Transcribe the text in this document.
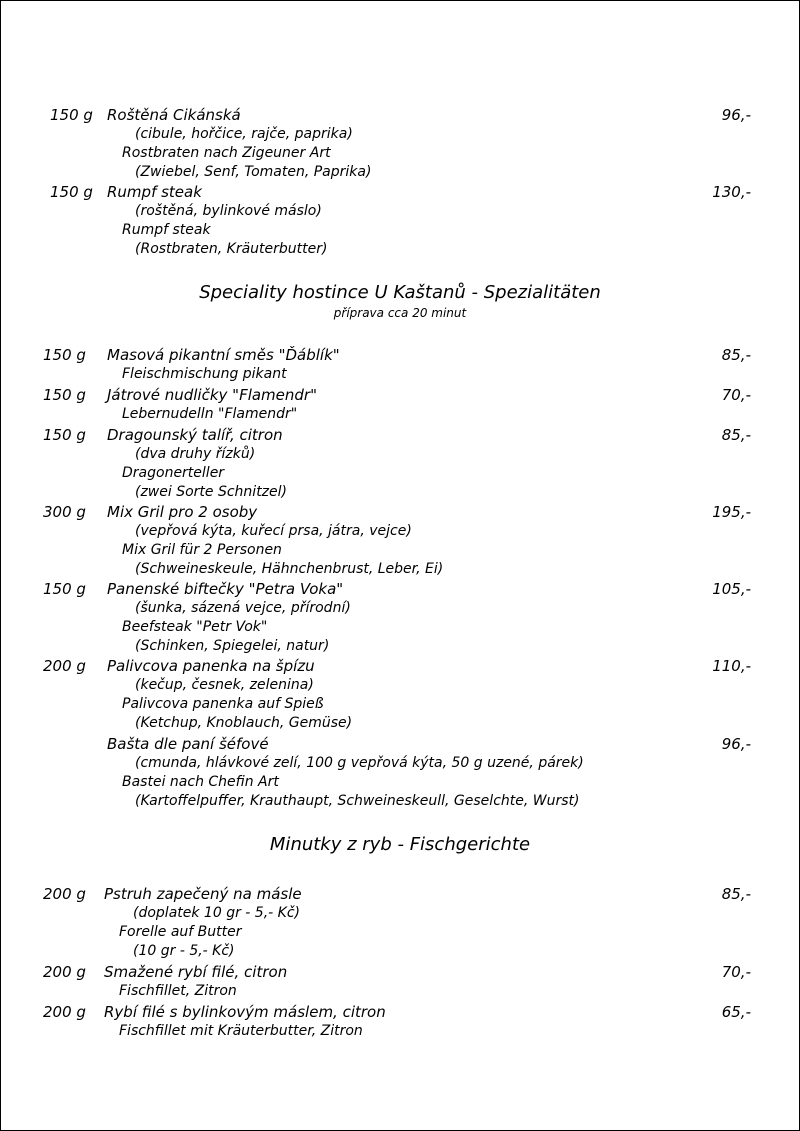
150 g Roštěná Cikánská	96,-
(cibule, hořčice, rajče, paprika)
Rostbraten nach Zigeuner Art
(Zwiebel, Senf, Tomaten, Paprika)
150 g Rumpf steak	130,-
(roštěná, bylinkové máslo)
Rumpf steak
(Rostbraten, Kräuterbutter)
Speciality hostince U Kaštanů - Spezialitäten
příprava cca 20 minut
150 g Masová pikantní směs "Ďáblík"	85,-
Fleischmischung pikant
150 g Játrové nudličky "Flamendr"	70,-
Lebernudelln "Flamendr"
150 g Dragounský talíř, citron	85,-
(dva druhy řízků)
Dragonerteller
(zwei Sorte Schnitzel)
300 g Mix Gril pro 2 osoby	195,-
(vepřová kýta, kuřecí prsa, játra, vejce)
Mix Gril für 2 Personen
(Schweineskeule, Hähnchenbrust, Leber, Ei)
150 g Panenské biftečky "Petra Voka"	105,-
(šunka, sázená vejce, přírodní)
Beefsteak "Petr Vok"
(Schinken, Spiegelei, natur)
200 g Palivcova panenka na špízu	110,-
(kečup, česnek, zelenina)
Palivcova panenka auf Spieß
(Ketchup, Knoblauch, Gemüse)
Bašta dle paní šéfové	96,-
(cmunda, hlávkové zelí, 100 g vepřová kýta, 50 g uzené, párek)
Bastei nach Chefin Art
(Kartoffelpuffer, Krauthaupt, Schweineskeull, Geselchte, Wurst)
Minutky z ryb - Fischgerichte
200 g Pstruh zapečený na másle	85,-
(doplatek 10 gr - 5,- Kč)
Forelle auf Butter
(10 gr - 5,- Kč)
200 g Smažené rybí filé, citron	70,-
Fischfillet, Zitron
200 g Rybí filé s bylinkovým máslem, citron	65,-
Fischfillet mit Kräuterbutter, Zitron
